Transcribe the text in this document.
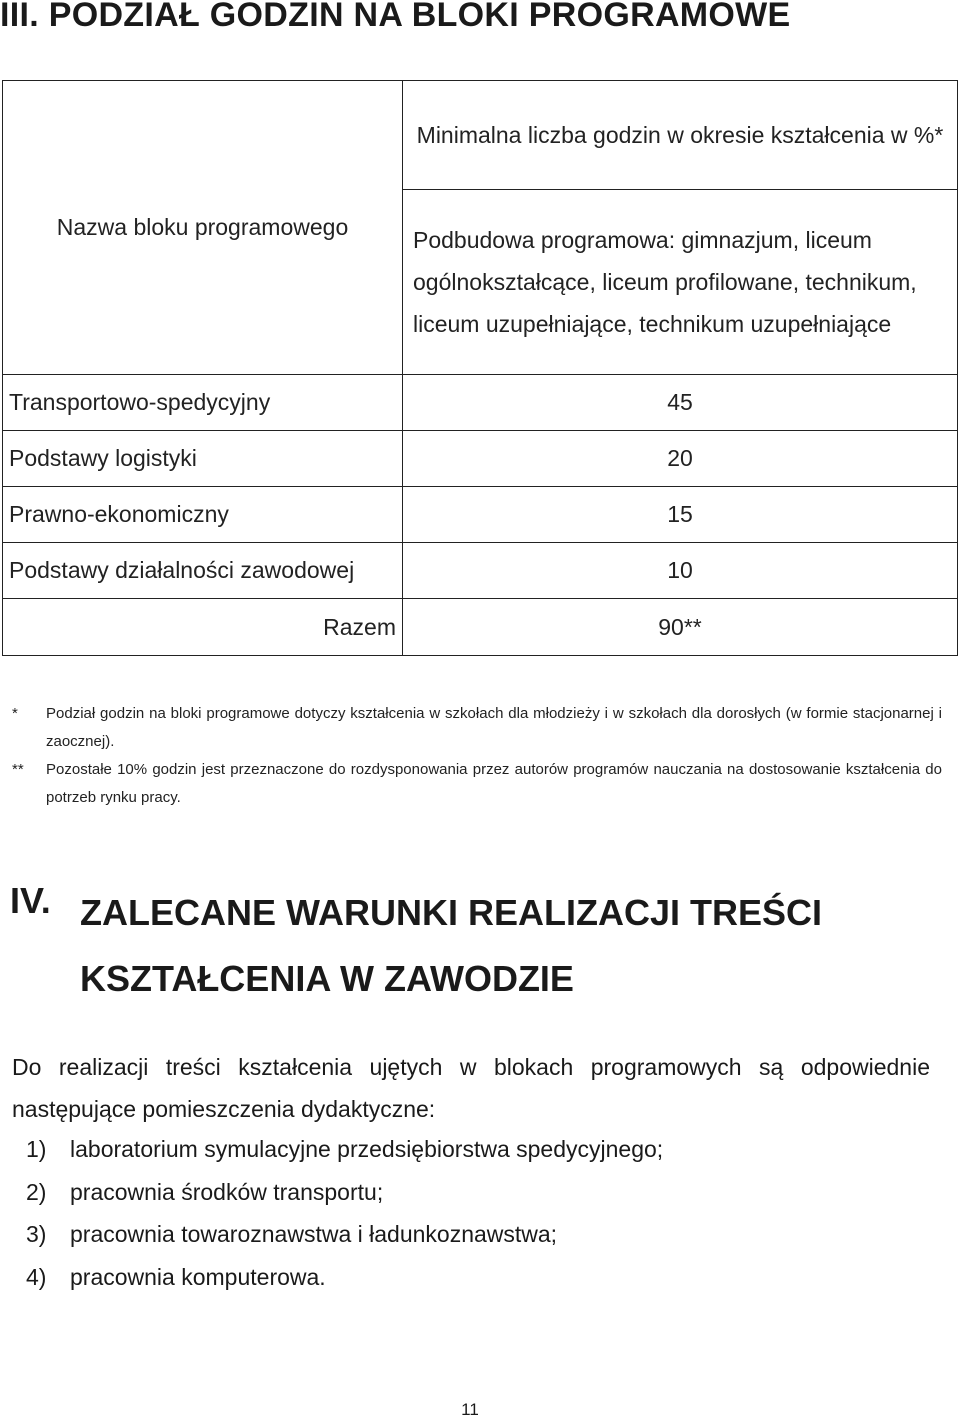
III. PODZIAŁ GODZIN NA BLOKI PROGRAMOWE
Nazwa bloku programowego	Minimalna liczba godzin w okresie kształcenia w %*
	Podbudowa programowa: gimnazjum, liceum ogólnokształcące, liceum profilowane, technikum, liceum uzupełniające, technikum uzupełniające
Transportowo-spedycyjny	45
Podstawy logistyki	20
Prawno-ekonomiczny	15
Podstawy działalności zawodowej	10
Razem	90**
*	Podział godzin na bloki programowe dotyczy kształcenia w szkołach dla młodzieży i w szkołach dla dorosłych (w formie stacjonarnej i zaocznej).
**	Pozostałe 10% godzin jest przeznaczone do rozdysponowania przez autorów programów nauczania na dostosowanie kształcenia do potrzeb rynku pracy.
IV. ZALECANE WARUNKI REALIZACJI TREŚCI
KSZTAŁCENIA W ZAWODZIE
Do realizacji treści kształcenia ujętych w blokach programowych są odpowiednie następujące pomieszczenia dydaktyczne:
1)	laboratorium symulacyjne przedsiębiorstwa spedycyjnego;
2)	pracownia środków transportu;
3)	pracownia towaroznawstwa i ładunkoznawstwa;
4)	pracownia komputerowa.
11
